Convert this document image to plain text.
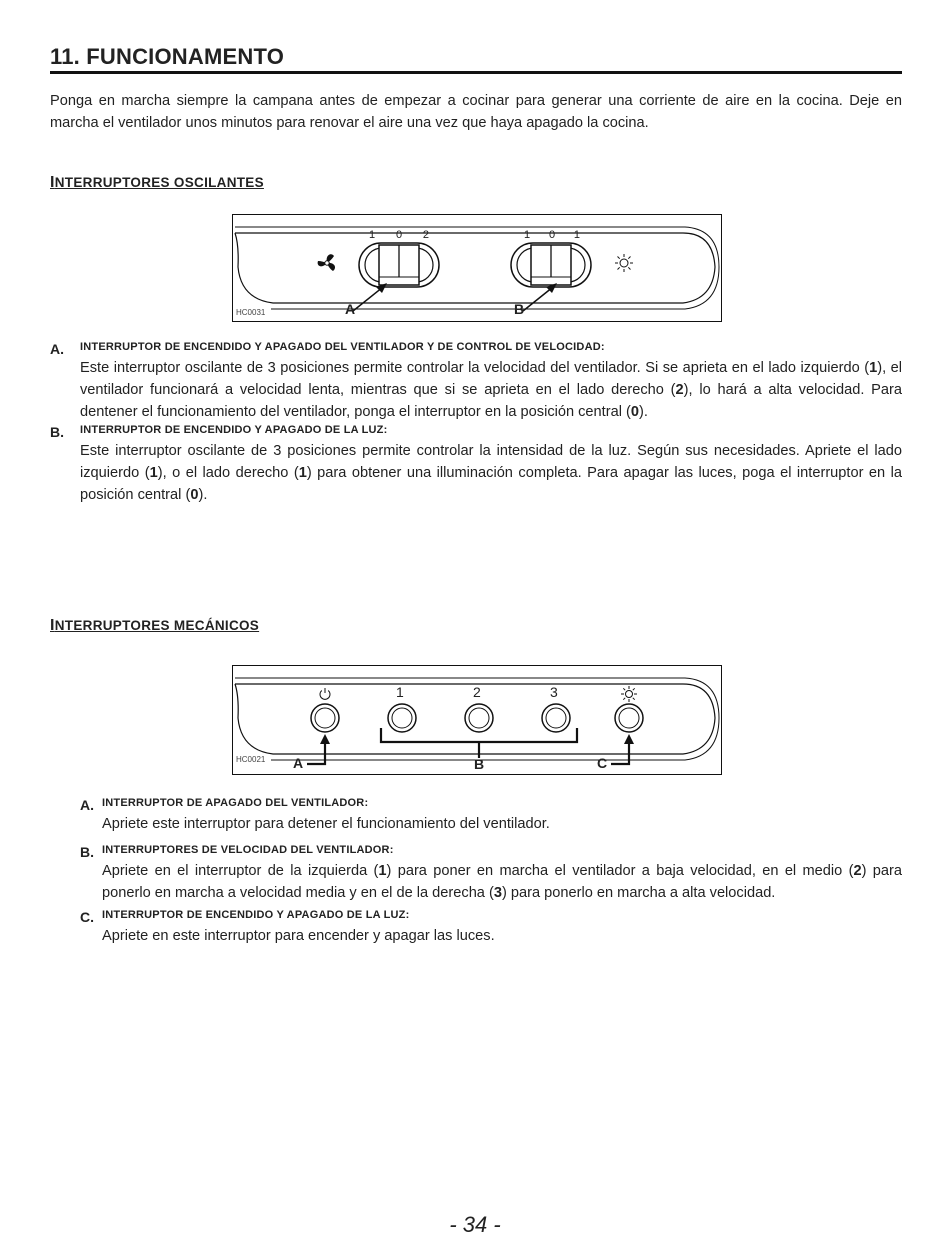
11. FUNCIONAMENTO
Ponga en marcha siempre la campana antes de empezar a cocinar para generar una corriente de aire en la cocina. Deje en marcha el ventilador unos minutos para renovar el aire una vez que haya apagado la cocina.
INTERRUPTORES OSCILANTES
1 0 2	1 0 1
HC0031	A	B
A. INTERRUPTOR DE ENCENDIDO Y APAGADO DEL VENTILADOR Y DE CONTROL DE VELOCIDAD:
Este interruptor oscilante de 3 posiciones permite controlar la velocidad del ventilador. Si se aprieta en el lado izquierdo (1), el ventilador funcionará a velocidad lenta, mientras que si se aprieta en el lado derecho (2), lo hará a alta velocidad. Para dentener el funcionamiento del ventilador, ponga el interruptor en la posición central (0).
B. INTERRUPTOR DE ENCENDIDO Y APAGADO DE LA LUZ:
Este interruptor oscilante de 3 posiciones permite controlar la intensidad de la luz. Según sus necesidades. Apriete el lado izquierdo (1), o el lado derecho (1) para obtener una illuminación completa. Para apagar las luces, poga el interruptor en la posición central (0).
INTERRUPTORES MECÁNICOS
1	2	3
HC0021 A	B	C
A. INTERRUPTOR DE APAGADO DEL VENTILADOR:
Apriete este interruptor para detener el funcionamiento del ventilador.
B. INTERRUPTORES DE VELOCIDAD DEL VENTILADOR:
Apriete en el interruptor de la izquierda (1) para poner en marcha el ventilador a baja velocidad, en el medio (2) para ponerlo en marcha a velocidad media y en el de la derecha (3) para ponerlo en marcha a alta velocidad.
C. INTERRUPTOR DE ENCENDIDO Y APAGADO DE LA LUZ:
Apriete en este interruptor para encender y apagar las luces.
- 34 -
